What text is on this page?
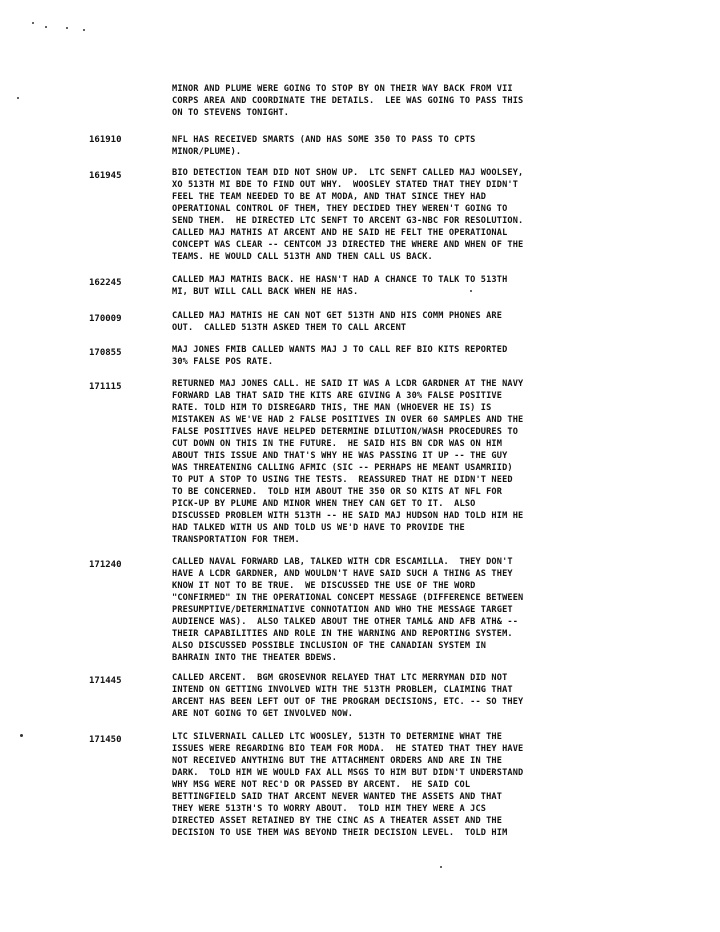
MINOR AND PLUME WERE GOING TO STOP BY ON THEIR WAY BACK FROM VII
CORPS AREA AND COORDINATE THE DETAILS.  LEE WAS GOING TO PASS THIS
ON TO STEVENS TONIGHT.
161910	NFL HAS RECEIVED SMARTS (AND HAS SOME 350 TO PASS TO CPTS
MINOR/PLUME).
161945	BIO DETECTION TEAM DID NOT SHOW UP.  LTC SENFT CALLED MAJ WOOLSEY,
XO 513TH MI BDE TO FIND OUT WHY.  WOOSLEY STATED THAT THEY DIDN'T
FEEL THE TEAM NEEDED TO BE AT MODA, AND THAT SINCE THEY HAD
OPERATIONAL CONTROL OF THEM, THEY DECIDED THEY WEREN'T GOING TO
SEND THEM.  HE DIRECTED LTC SENFT TO ARCENT G3-NBC FOR RESOLUTION.
CALLED MAJ MATHIS AT ARCENT AND HE SAID HE FELT THE OPERATIONAL
CONCEPT WAS CLEAR -- CENTCOM J3 DIRECTED THE WHERE AND WHEN OF THE
TEAMS. HE WOULD CALL 513TH AND THEN CALL US BACK.
162245	CALLED MAJ MATHIS BACK. HE HASN'T HAD A CHANCE TO TALK TO 513TH
MI, BUT WILL CALL BACK WHEN HE HAS.
170009	CALLED MAJ MATHIS HE CAN NOT GET 513TH AND HIS COMM PHONES ARE
OUT.  CALLED 513TH ASKED THEM TO CALL ARCENT
170855	MAJ JONES FMIB CALLED WANTS MAJ J TO CALL REF BIO KITS REPORTED
30% FALSE POS RATE.
171115	RETURNED MAJ JONES CALL. HE SAID IT WAS A LCDR GARDNER AT THE NAVY
FORWARD LAB THAT SAID THE KITS ARE GIVING A 30% FALSE POSITIVE
RATE. TOLD HIM TO DISREGARD THIS, THE MAN (WHOEVER HE IS) IS
MISTAKEN AS WE'VE HAD 2 FALSE POSITIVES IN OVER 60 SAMPLES AND THE
FALSE POSITIVES HAVE HELPED DETERMINE DILUTION/WASH PROCEDURES TO
CUT DOWN ON THIS IN THE FUTURE.  HE SAID HIS BN CDR WAS ON HIM
ABOUT THIS ISSUE AND THAT'S WHY HE WAS PASSING IT UP -- THE GUY
WAS THREATENING CALLING AFMIC (SIC -- PERHAPS HE MEANT USAMRIID)
TO PUT A STOP TO USING THE TESTS.  REASSURED THAT HE DIDN'T NEED
TO BE CONCERNED.  TOLD HIM ABOUT THE 350 OR SO KITS AT NFL FOR
PICK-UP BY PLUME AND MINOR WHEN THEY CAN GET TO IT.  ALSO
DISCUSSED PROBLEM WITH 513TH -- HE SAID MAJ HUDSON HAD TOLD HIM HE
HAD TALKED WITH US AND TOLD US WE'D HAVE TO PROVIDE THE
TRANSPORTATION FOR THEM.
171240	CALLED NAVAL FORWARD LAB, TALKED WITH CDR ESCAMILLA.  THEY DON'T
HAVE A LCDR GARDNER, AND WOULDN'T HAVE SAID SUCH A THING AS THEY
KNOW IT NOT TO BE TRUE.  WE DISCUSSED THE USE OF THE WORD
"CONFIRMED" IN THE OPERATIONAL CONCEPT MESSAGE (DIFFERENCE BETWEEN
PRESUMPTIVE/DETERMINATIVE CONNOTATION AND WHO THE MESSAGE TARGET
AUDIENCE WAS).  ALSO TALKED ABOUT THE OTHER TAML& AND AFB ATH& --
THEIR CAPABILITIES AND ROLE IN THE WARNING AND REPORTING SYSTEM.
ALSO DISCUSSED POSSIBLE INCLUSION OF THE CANADIAN SYSTEM IN
BAHRAIN INTO THE THEATER BDEWS.
171445	CALLED ARCENT.  BGM GROSEVNOR RELAYED THAT LTC MERRYMAN DID NOT
INTEND ON GETTING INVOLVED WITH THE 513TH PROBLEM, CLAIMING THAT
ARCENT HAS BEEN LEFT OUT OF THE PROGRAM DECISIONS, ETC. -- SO THEY
ARE NOT GOING TO GET INVOLVED NOW.
171450	LTC SILVERNAIL CALLED LTC WOOSLEY, 513TH TO DETERMINE WHAT THE
ISSUES WERE REGARDING BIO TEAM FOR MODA.  HE STATED THAT THEY HAVE
NOT RECEIVED ANYTHING BUT THE ATTACHMENT ORDERS AND ARE IN THE
DARK.  TOLD HIM WE WOULD FAX ALL MSGS TO HIM BUT DIDN'T UNDERSTAND
WHY MSG WERE NOT REC'D OR PASSED BY ARCENT.  HE SAID COL
BETTINGFIELD SAID THAT ARCENT NEVER WANTED THE ASSETS AND THAT
THEY WERE 513TH'S TO WORRY ABOUT.  TOLD HIM THEY WERE A JCS
DIRECTED ASSET RETAINED BY THE CINC AS A THEATER ASSET AND THE
DECISION TO USE THEM WAS BEYOND THEIR DECISION LEVEL.  TOLD HIM
